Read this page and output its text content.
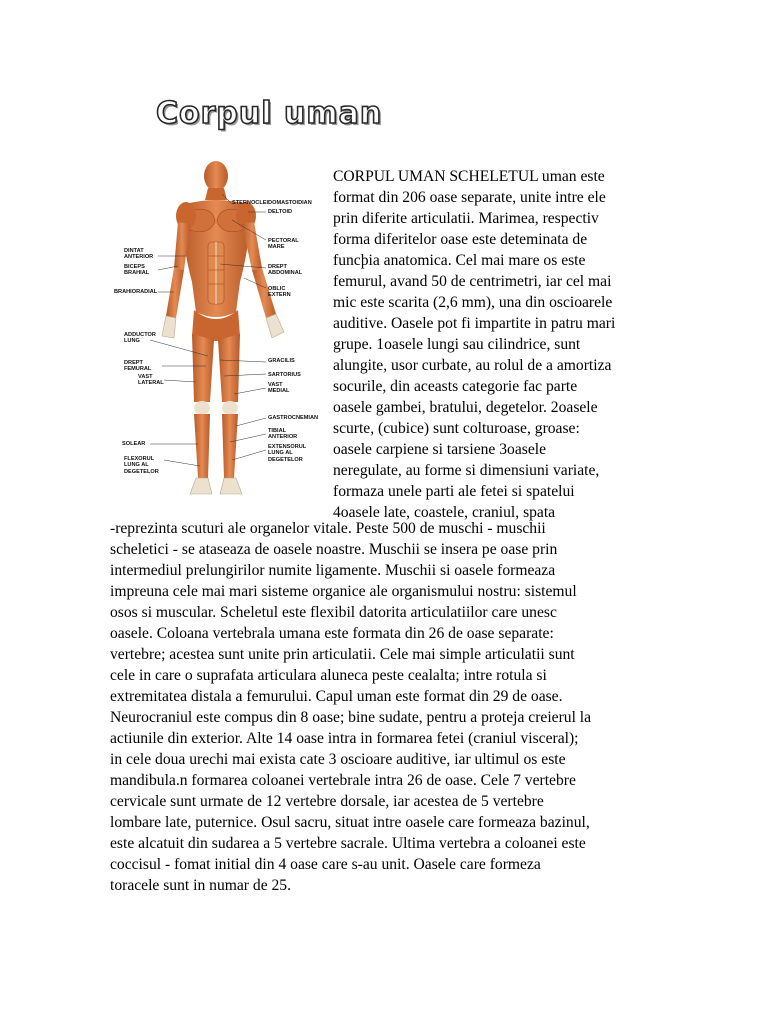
Corpul uman
STERNOCLEIDOMASTOIDIAN
DELTOID
PECTORAL
MARE
DREPT
ABDOMINAL
OBLIC
EXTERN
DINTAT
ANTERIOR
BICEPS
BRAHIAL
BRAHIORADIAL
ADDUCTOR
LUNG
DREPT
FEMURAL
VAST
LATERAL
GRACILIS
SARTORIUS
VAST
MEDIAL
GASTROCNEMIAN
TIBIAL
ANTERIOR
EXTENSORUL
LUNG AL
DEGETELOR
SOLEAR
FLEXORUL
LUNG AL
DEGETELOR

CORPUL UMAN SCHELETUL uman este
format din 206 oase separate, unite intre ele
prin diferite articulatii. Marimea, respectiv
forma diferitelor oase este deteminata de
funcþia anatomica. Cel mai mare os este
femurul, avand 50 de centrimetri, iar cel mai
mic este scarita (2,6 mm), una din oscioarele
auditive. Oasele pot fi impartite in patru mari
grupe. 1oasele lungi sau cilindrice, sunt
alungite, usor curbate, au rolul de a amortiza
socurile, din aceasts categorie fac parte
oasele gambei, bratului, degetelor. 2oasele
scurte, (cubice) sunt colturoase, groase:
oasele carpiene si tarsiene 3oasele
neregulate, au forme si dimensiuni variate,
formaza unele parti ale fetei si spatelui
4oasele late, coastele, craniul, spata

-reprezinta scuturi ale organelor vitale. Peste 500 de muschi - muschii
scheletici - se ataseaza de oasele noastre. Muschii se insera pe oase prin
intermediul prelungirilor numite ligamente. Muschii si oasele formeaza
impreuna cele mai mari sisteme organice ale organismului nostru: sistemul
osos si muscular. Scheletul este flexibil datorita articulatiilor care unesc
oasele. Coloana vertebrala umana este formata din 26 de oase separate:
vertebre; acestea sunt unite prin articulatii. Cele mai simple articulatii sunt
cele in care o suprafata articulara aluneca peste cealalta; intre rotula si
extremitatea distala a femurului. Capul uman este format din 29 de oase.
Neurocraniul este compus din 8 oase; bine sudate, pentru a proteja creierul la
actiunile din exterior. Alte 14 oase intra in formarea fetei (craniul visceral);
in cele doua urechi mai exista cate 3 oscioare auditive, iar ultimul os este
mandibula.n formarea coloanei vertebrale intra 26 de oase. Cele 7 vertebre
cervicale sunt urmate de 12 vertebre dorsale, iar acestea de 5 vertebre
lombare late, puternice. Osul sacru, situat intre oasele care formeaza bazinul,
este alcatuit din sudarea a 5 vertebre sacrale. Ultima vertebra a coloanei este
coccisul - fomat initial din 4 oase care s-au unit. Oasele care formeza
toracele sunt in numar de 25.
